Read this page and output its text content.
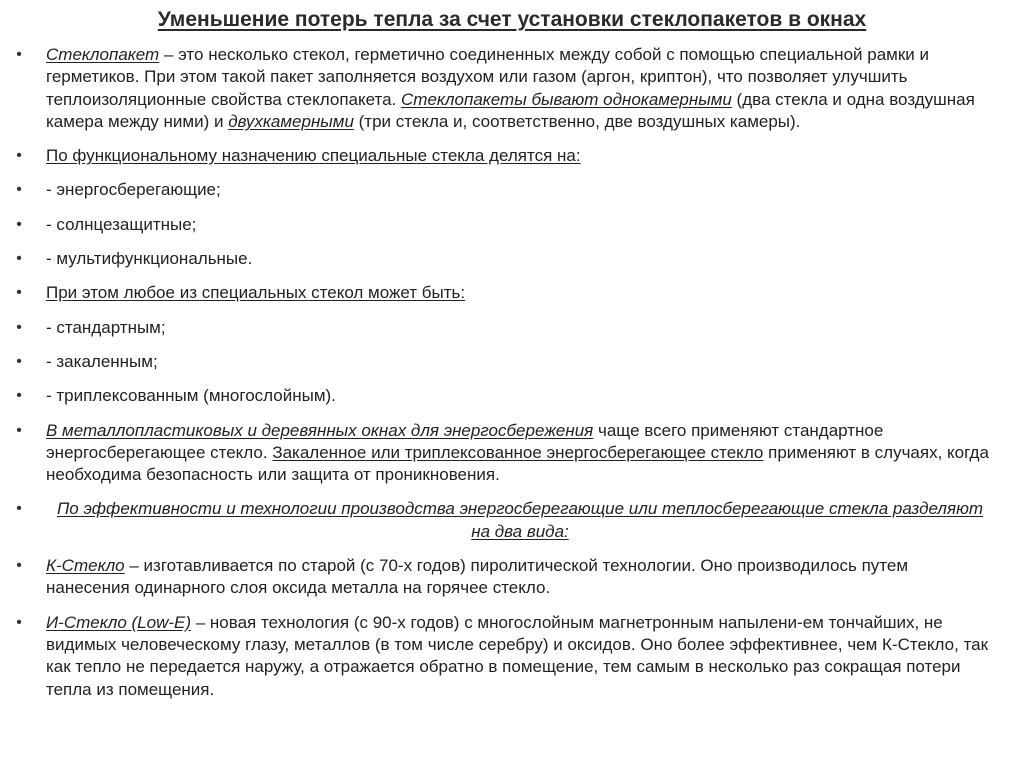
Уменьшение потерь тепла за счет установки стеклопакетов в окнах
• Стеклопакет – это несколько стекол, герметично соединенных между собой с помощью специальной рамки и герметиков. При этом такой пакет заполняется воздухом или газом (аргон, криптон), что позволяет улучшить теплоизоляционные свойства стеклопакета. Стеклопакеты бывают однокамерными (два стекла и одна воздушная камера между ними) и двухкамерными (три стекла и, соответственно, две воздушных камеры).
• По функциональному назначению специальные стекла делятся на:
• - энергосберегающие;
• - солнцезащитные;
• - мультифункциональные.
• При этом любое из специальных стекол может быть:
• - стандартным;
• - закаленным;
• - триплексованным (многослойным).
• В металлопластиковых и деревянных окнах для энергосбережения чаще всего применяют стандартное энергосберегающее стекло. Закаленное или триплексованное энергосберегающее стекло применяют в случаях, когда необходима безопасность или защита от проникновения.
• По эффективности и технологии производства энергосберегающие или теплосберегающие стекла разделяют на два вида:
• К-Стекло – изготавливается по старой (с 70-х годов) пиролитической технологии. Оно производилось путем нанесения одинарного слоя оксида металла на горячее стекло.
• И-Стекло (Low-E) – новая технология (с 90-х годов) с многослойным магнетронным напылени-ем тончайших, не видимых человеческому глазу, металлов (в том числе серебру) и оксидов. Оно более эффективнее, чем К-Стекло, так как тепло не передается наружу, а отражается обратно в помещение, тем самым в несколько раз сокращая потери тепла из помещения.
